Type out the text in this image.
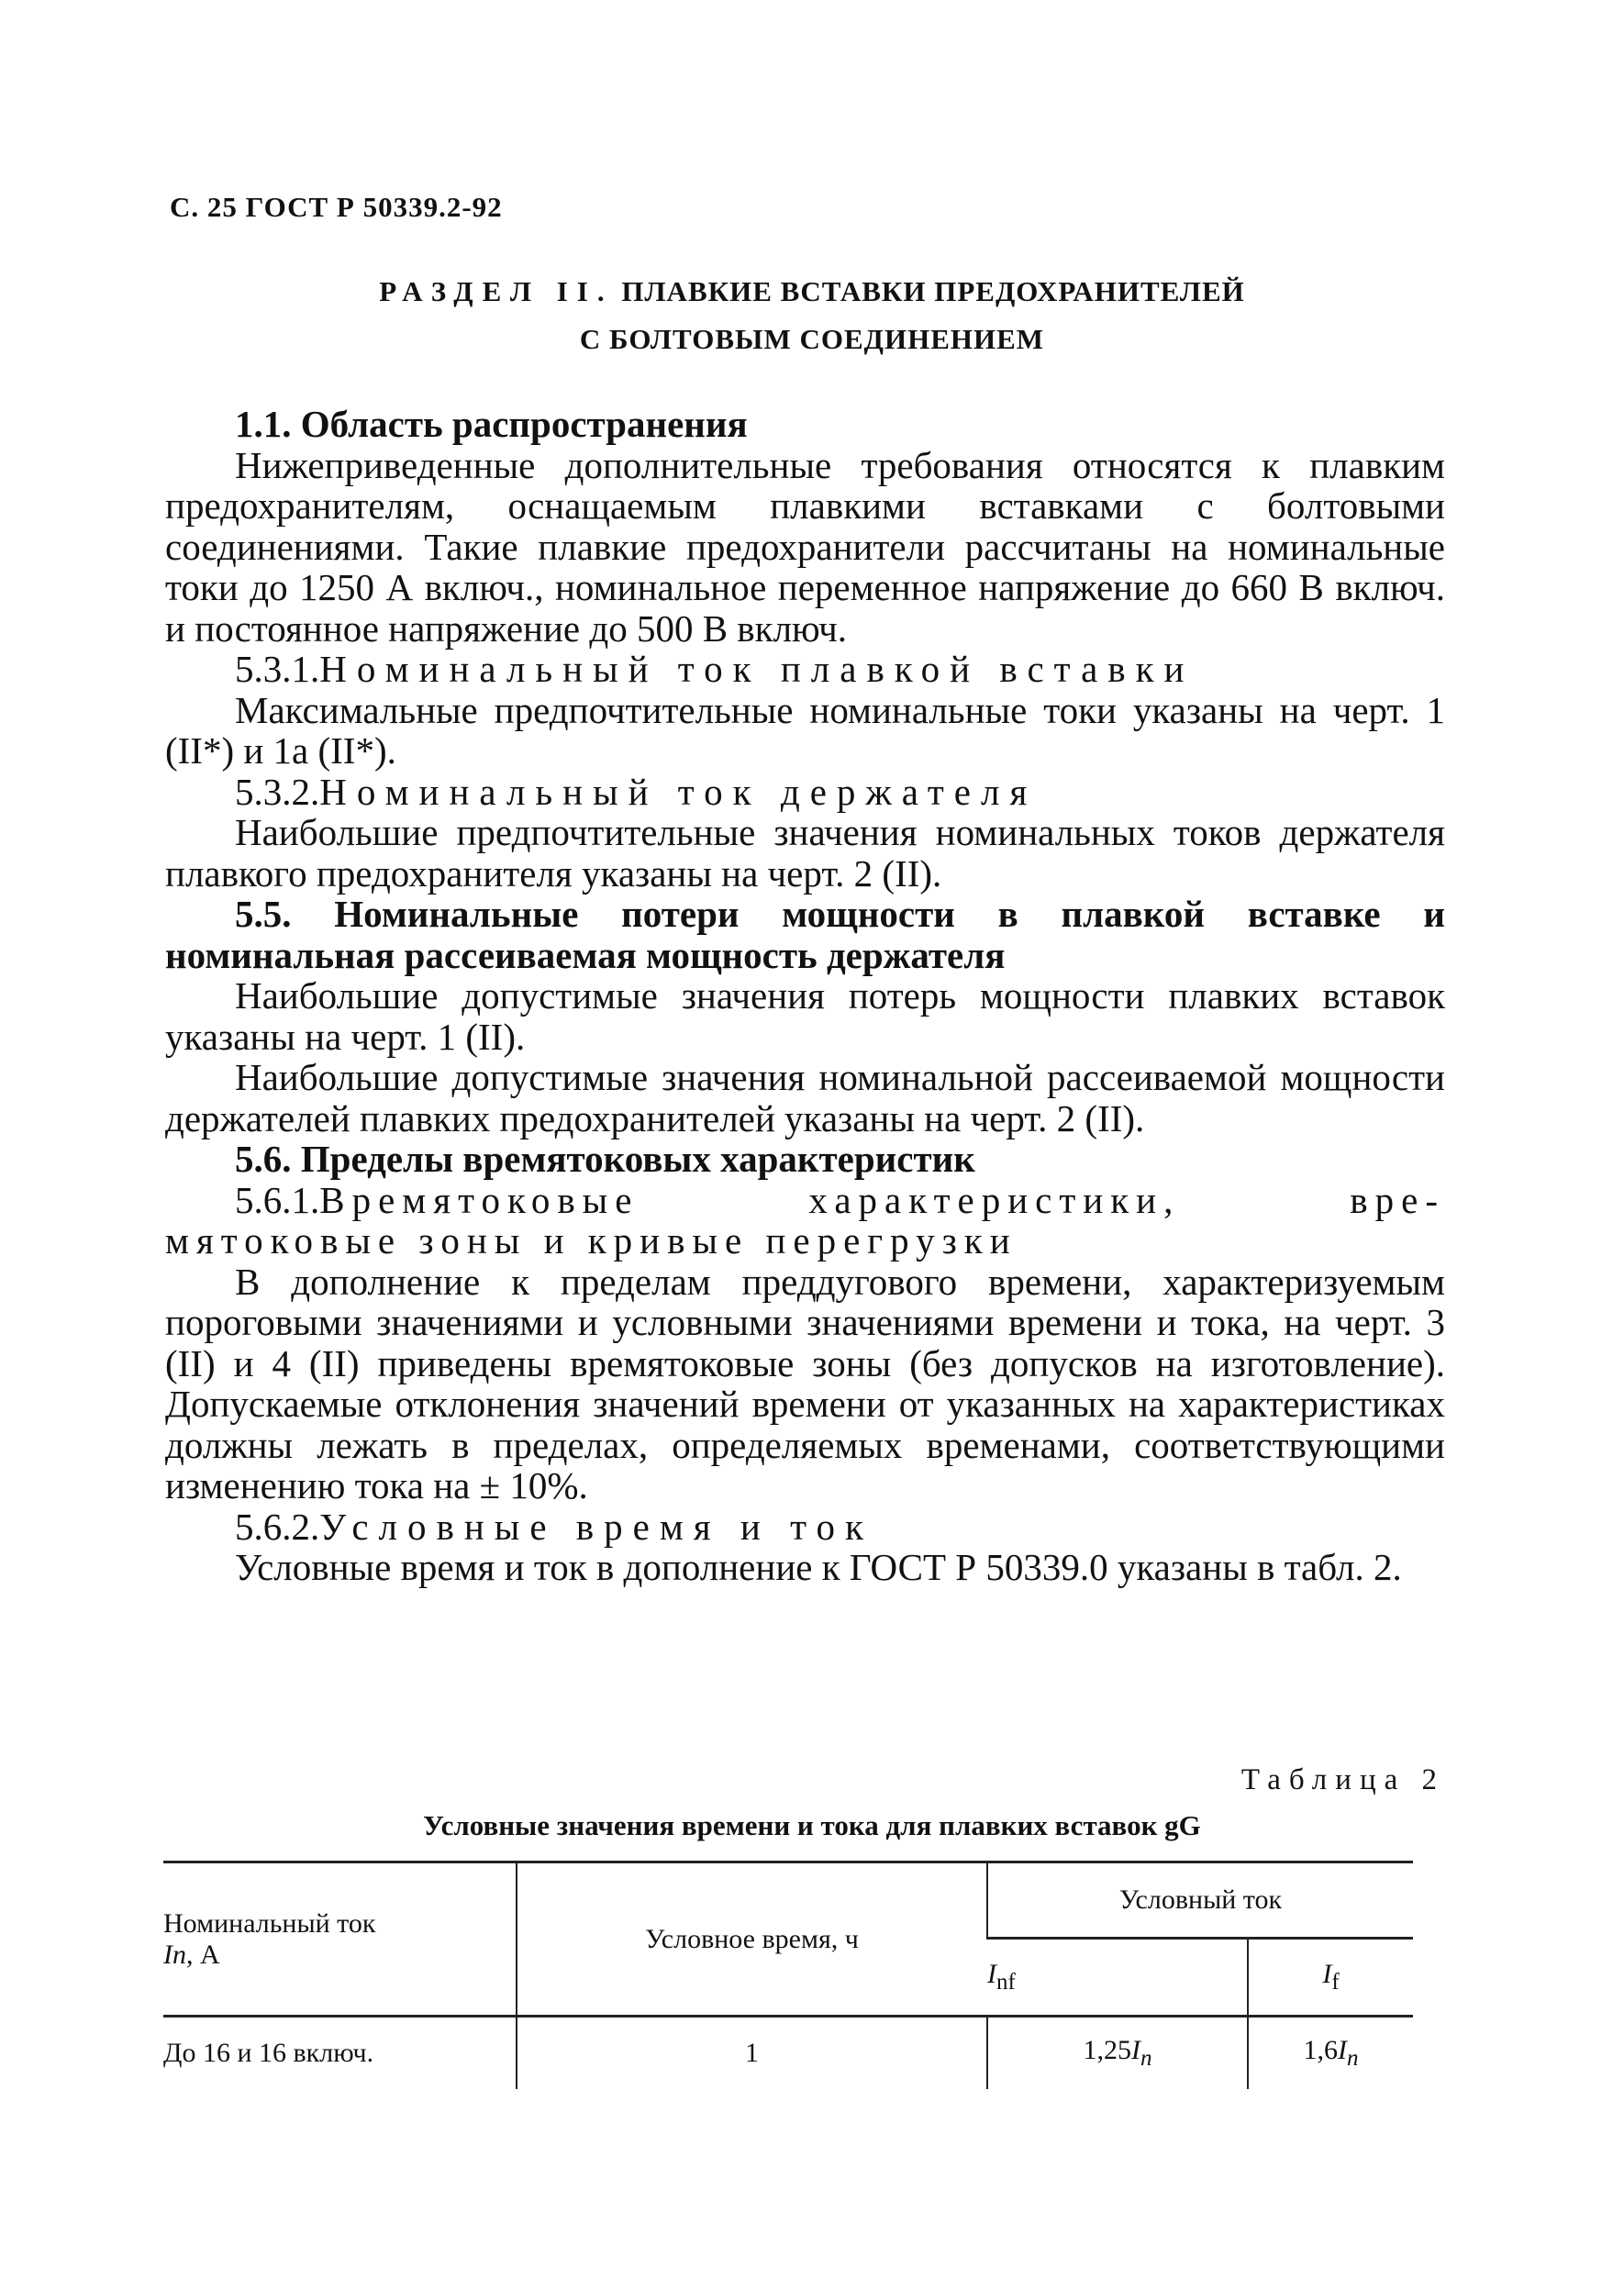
С. 25 ГОСТ Р 50339.2-92
РАЗДЕЛ II. ПЛАВКИЕ ВСТАВКИ ПРЕДОХРАНИТЕЛЕЙ
С БОЛТОВЫМ СОЕДИНЕНИЕМ

1.1. Область распространения

Нижеприведенные дополнительные требования относятся к плавким предохранителям, оснащаемым плавкими вставками с болтовыми соединениями. Такие плавкие предохранители рассчитаны на номинальные токи до 1250 А включ., номинальное переменное напряжение до 660 В включ. и постоянное напряжение до 500 В включ.

5.3.1.Номинальный ток плавкой вставки

Максимальные предпочтительные номинальные токи указаны на черт. 1 (II*) и 1а (II*).

5.3.2.Номинальный ток держателя

Наибольшие предпочтительные значения номинальных токов держателя плавкого предохранителя указаны на черт. 2 (II).

5.5. Номинальные потери мощности в плавкой вставке и номинальная рассеиваемая мощность держателя

Наибольшие допустимые значения потерь мощности плавких вставок указаны на черт. 1 (II).

Наибольшие допустимые значения номинальной рассеиваемой мощности держателей плавких предохранителей указаны на черт. 2 (II).

5.6. Пределы времятоковых характеристик

5.6.1.Времятоковые характеристики, вре-

мятоковые зоны и кривые перегрузки

В дополнение к пределам преддугового времени, характеризуемым пороговыми значениями и условными значениями времени и тока, на черт. 3 (II) и 4 (II) приведены времятоковые зоны (без допусков на изготовление). Допускаемые отклонения значений времени от указанных на характеристиках должны лежать в пределах, определяемых временами, соответствующими изменению тока на ± 10%.

5.6.2.Условные время и ток

Условные время и ток в дополнение к ГОСТ Р 50339.0 указаны в табл. 2.

Таблица 2
Условные значения времени и тока для плавких вставок gG
Номинальный ток
In, А	Условное время, ч	Условный ток	
		$I_{nf}$	$I_f$
До 16 и 16 включ.	1	$1,25I_n$	$1,6I_n$
